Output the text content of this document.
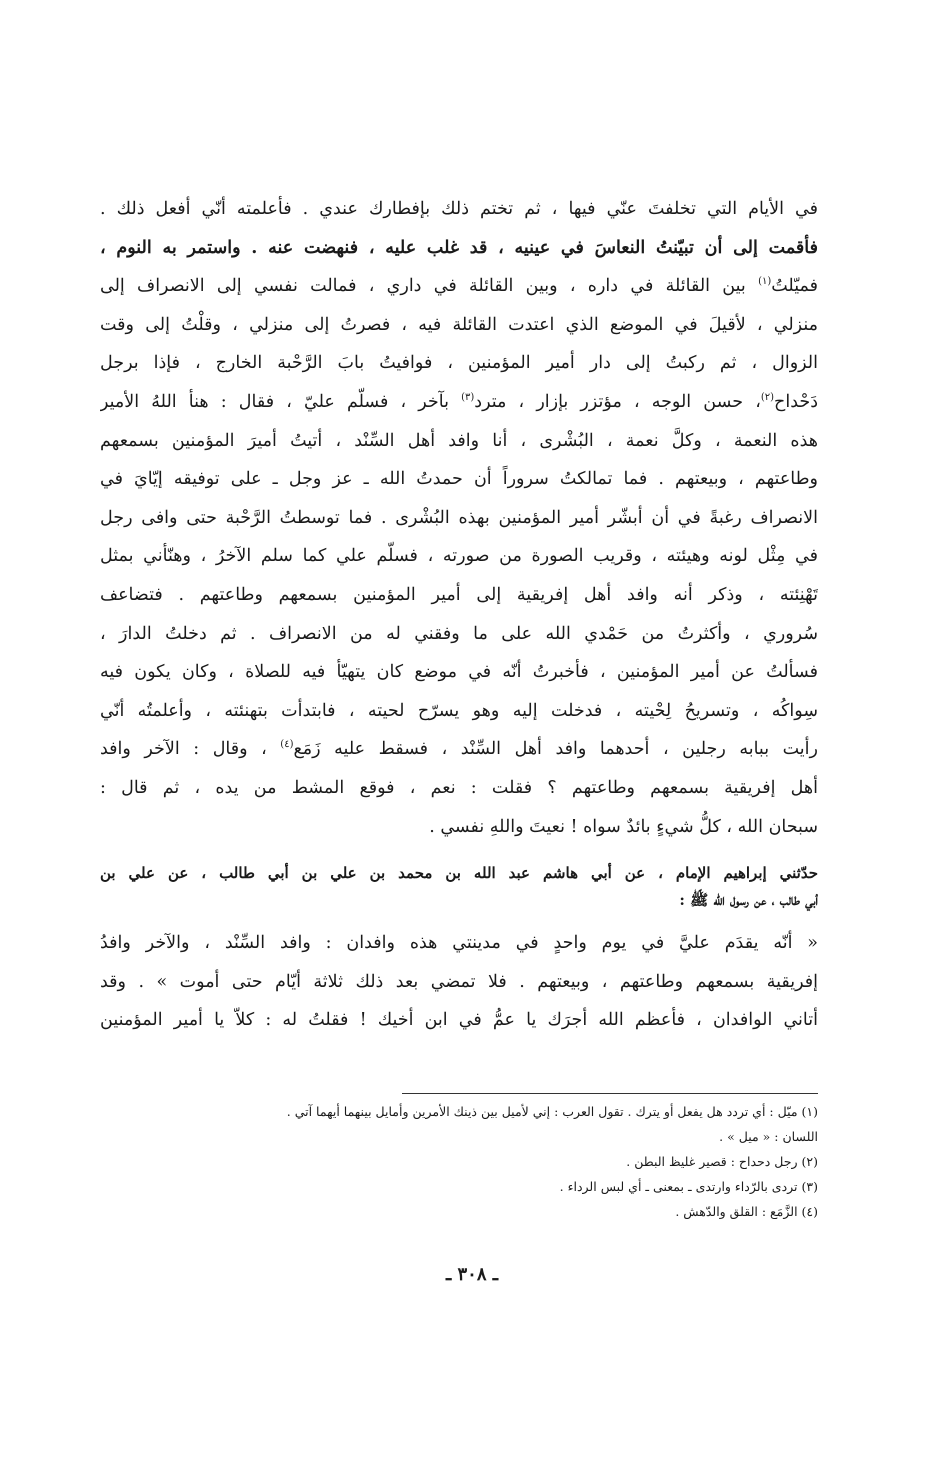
في الأيام التي تخلفتَ عنّي فيها ، ثم تختم ذلك بإفطارك عندي . فأعلمته أنّي أفعل ذلك .
فأقمت إلى أن تبيّنتُ النعاسَ في عينيه ، قد غلب عليه ، فنهضت عنه . واستمر به النوم ،
فميّلتُ$^{(١)}$ بين القائلة في داره ، وبين القائلة في داري ، فمالت نفسي إلى الانصراف إلى
منزلي ، لأقيلَ في الموضع الذي اعتدت القائلة فيه ، فصرتُ إلى منزلي ، وقلْتُ إلى وقت
الزوال ، ثم ركبتُ إلى دار أمير المؤمنين ، فوافيتُ بابَ الرَّحْبة الخارج ، فإذا برجل
دَحْداح$^{(٢)}$، حسن الوجه ، مؤتزر بإزار ، مترد$^{(٣)}$ بآخر ، فسلّم عليّ ، فقال : هنأ اللهُ الأمير
هذه النعمة ، وكلَّ نعمة ، البُشْرى ، أنا وافد أهل السِّنْد ، أتيتُ أميرَ المؤمنين بسمعهم
وطاعتهم ، وبيعتهم . فما تمالكتُ سروراً أن حمدتُ الله ـ عز وجل ـ على توفيقه إيّايَ في
الانصراف رغبةً في أن أبشّر أمير المؤمنين بهذه البُشْرى . فما توسطتُ الرَّحْبة حتى وافى رجل
في مِثْل لونه وهيئته ، وقريب الصورة من صورته ، فسلّم علي كما سلم الآخرُ ، وهنّأني بمثل
تَهْنِئته ، وذكر أنه وافد أهل إفريقية إلى أمير المؤمنين بسمعهم وطاعتهم . فتضاعف
سُروري ، وأكثرتُ من حَمْدي الله على ما وفقني له من الانصراف . ثم دخلتُ الدارَ ،
فسألتُ عن أمير المؤمنين ، فأخبرتُ أنّه في موضع كان يتهيّأ فيه للصلاة ، وكان يكون فيه
سِواكُه ، وتسريحُ لِحْيته ، فدخلت إليه وهو يسرّح لحيته ، فابتدأت بتهنئته ، وأعلمتُه أنّي
رأيت ببابه رجلين ، أحدهما وافد أهل السِّنْد ، فسقط عليه زَمَع$^{(٤)}$ ، وقال : الآخر وافد
أهل إفريقية بسمعهم وطاعتهم ؟ فقلت : نعم ، فوقع المشط من يده ، ثم قال :
سبحان الله ، كلُّ شيءٍ بائدٌ سواه ! نعيتَ واللهِ نفسي .
حدّثني إبراهيم الإمام ، عن أبي هاشم عبد الله بن محمد بن علي بن أبي طالب ، عن علي بن
أبي طالب ، عن رسول الله ﷺ :
« أنّه يقدَم عليَّ في يوم واحدٍ في مدينتي هذه وافدان : وافد السِّنْد ، والآخر وافدُ
إفريقية بسمعهم وطاعتهم ، وبيعتهم . فلا تمضي بعد ذلك ثلاثة أيّام حتى أموت » . وقد
أتاني الوافدان ، فأعظم الله أجرَك يا عمُّ في ابن أخيك ! فقلتُ له : كلاّ يا أمير المؤمنين
(١) ميّل : أي تردد هل يفعل أو يترك . تقول العرب : إني لأميل بين ذينك الأمرين وأمايل بينهما أيهما آتي .
اللسان : « ميل » .
(٢) رجل دحداح : قصير غليظ البطن .
(٣) تردى بالرّداء وارتدى ـ بمعنى ـ أي لبس الرداء .
(٤) الزَّمَع : القلق والدّهش .
ـ ٣٠٨ ـ
